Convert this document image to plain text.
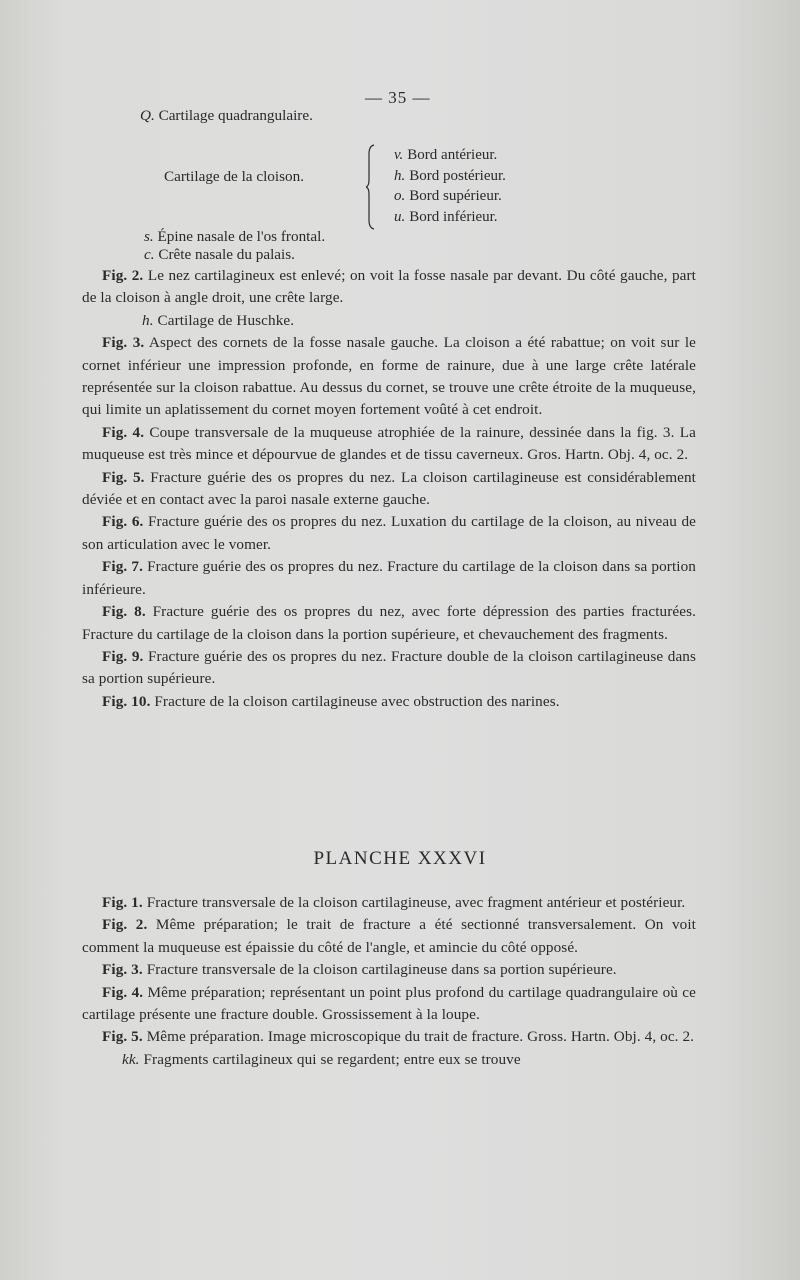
— 35 —
Q. Cartilage quadrangulaire.
Cartilage de la cloison.
v. Bord antérieur.
h. Bord postérieur.
o. Bord supérieur.
u. Bord inférieur.
s. Épine nasale de l'os frontal.
c. Crête nasale du palais.

Fig. 2. Le nez cartilagineux est enlevé; on voit la fosse nasale par devant. Du côté gauche, part de la cloison à angle droit, une crête large.

h. Cartilage de Huschke.

Fig. 3. Aspect des cornets de la fosse nasale gauche. La cloison a été rabattue; on voit sur le cornet inférieur une impression profonde, en forme de rainure, due à une large crête latérale représentée sur la cloison rabattue. Au dessus du cornet, se trouve une crête étroite de la muqueuse, qui limite un aplatissement du cornet moyen fortement voûté à cet endroit.

Fig. 4. Coupe transversale de la muqueuse atrophiée de la rainure, dessinée dans la fig. 3. La muqueuse est très mince et dépourvue de glandes et de tissu caverneux. Gros. Hartn. Obj. 4, oc. 2.

Fig. 5. Fracture guérie des os propres du nez. La cloison cartilagineuse est considérablement déviée et en contact avec la paroi nasale externe gauche.

Fig. 6. Fracture guérie des os propres du nez. Luxation du cartilage de la cloison, au niveau de son articulation avec le vomer.

Fig. 7. Fracture guérie des os propres du nez. Fracture du cartilage de la cloison dans sa portion inférieure.

Fig. 8. Fracture guérie des os propres du nez, avec forte dépression des parties fracturées. Fracture du cartilage de la cloison dans la portion supérieure, et chevauchement des fragments.

Fig. 9. Fracture guérie des os propres du nez. Fracture double de la cloison cartilagineuse dans sa portion supérieure.

Fig. 10. Fracture de la cloison cartilagineuse avec obstruction des narines.

PLANCHE XXXVI

Fig. 1. Fracture transversale de la cloison cartilagineuse, avec fragment antérieur et postérieur.

Fig. 2. Même préparation; le trait de fracture a été sectionné transversalement. On voit comment la muqueuse est épaissie du côté de l'angle, et amincie du côté opposé.

Fig. 3. Fracture transversale de la cloison cartilagineuse dans sa portion supérieure.

Fig. 4. Même préparation; représentant un point plus profond du cartilage quadrangulaire où ce cartilage présente une fracture double. Grossissement à la loupe.

Fig. 5. Même préparation. Image microscopique du trait de fracture. Gross. Hartn. Obj. 4, oc. 2.

kk. Fragments cartilagineux qui se regardent; entre eux se trouve
